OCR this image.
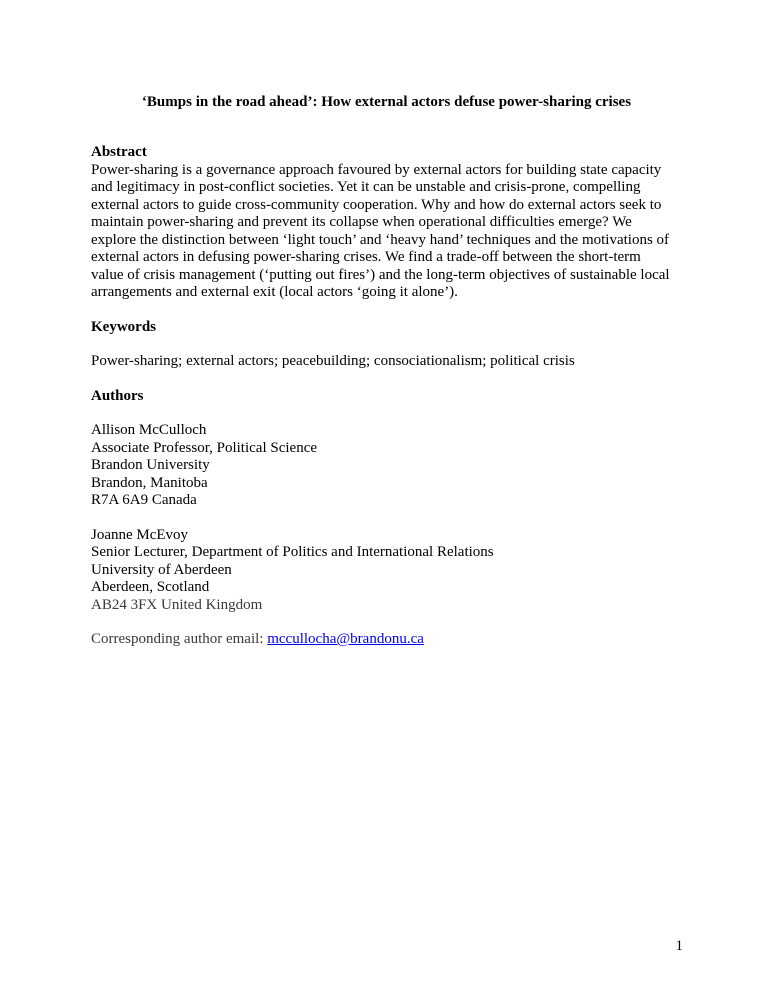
‘Bumps in the road ahead’: How external actors defuse power-sharing crises

Abstract

Power-sharing is a governance approach favoured by external actors for building state capacity

and legitimacy in post-conflict societies. Yet it can be unstable and crisis-prone, compelling

external actors to guide cross-community cooperation. Why and how do external actors seek to

maintain power-sharing and prevent its collapse when operational difficulties emerge? We

explore the distinction between ‘light touch’ and ‘heavy hand’ techniques and the motivations of

external actors in defusing power-sharing crises. We find a trade-off between the short-term

value of crisis management (‘putting out fires’) and the long-term objectives of sustainable local

arrangements and external exit (local actors ‘going it alone’).

Keywords

Power-sharing; external actors; peacebuilding; consociationalism; political crisis

Authors

Allison McCulloch

Associate Professor, Political Science

Brandon University

Brandon, Manitoba

R7A 6A9 Canada

Joanne McEvoy

Senior Lecturer, Department of Politics and International Relations

University of Aberdeen

Aberdeen, Scotland

AB24 3FX United Kingdom

Corresponding author email: mccullocha@brandonu.ca

1
